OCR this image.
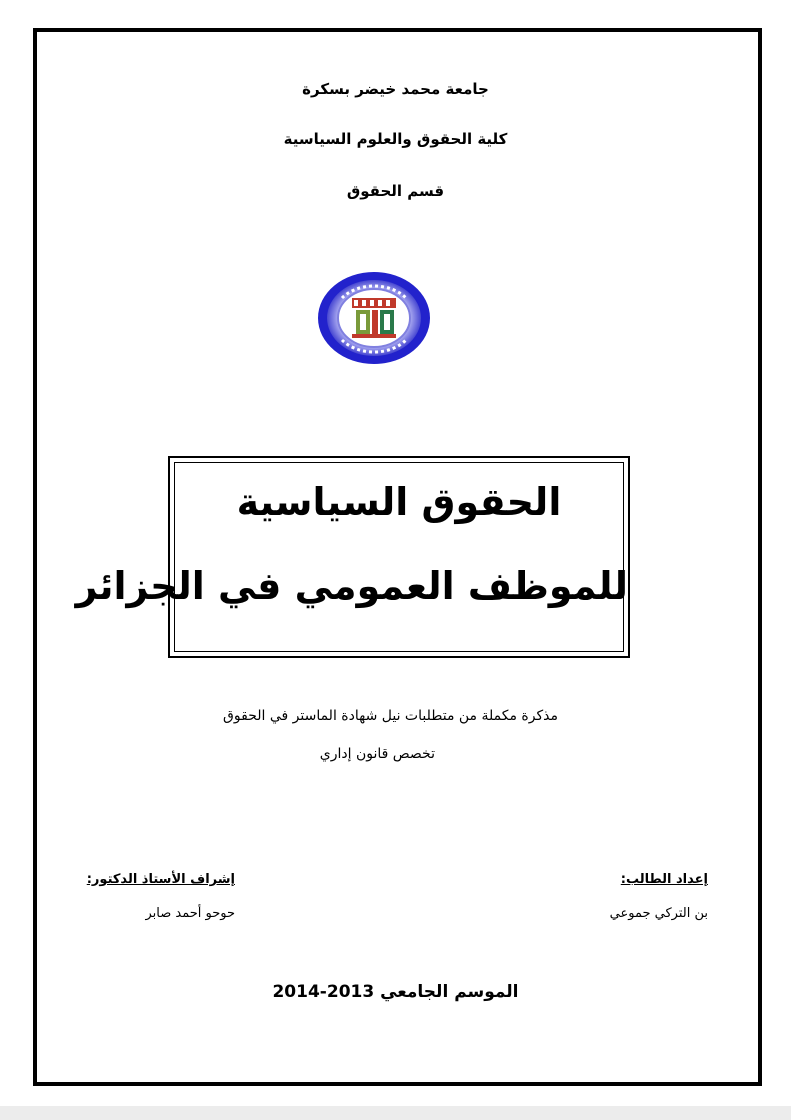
جامعة محمد خيضر بسكرة
كلية الحقوق والعلوم السياسية
قسم الحقوق
الحقوق السياسية
للموظف العمومي في الجزائر
مذكرة مكملة من متطلبات نيل شهادة الماستر في الحقوق
تخصص قانون إداري
إعداد الطالب:
بن التركي جموعي
إشراف الأستاذ الدكتور:
حوحو أحمد صابر
الموسم الجامعي 2013-2014
